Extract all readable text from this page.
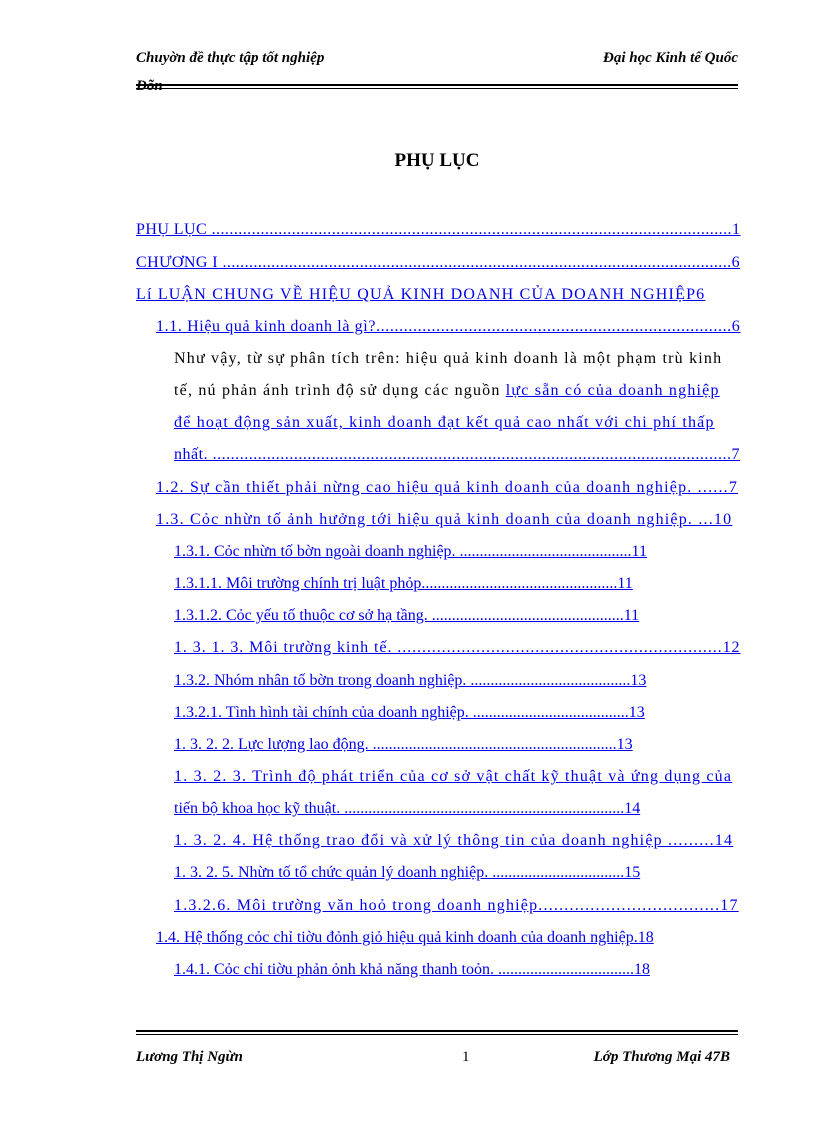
Chuyờn đề thực tập tốt nghiệp	Đại học Kinh tế Quốc
Dõn
PHỤ LỤC
PHỤ LỤC .....................................................................................................................1
CHƯƠNG I ...................................................................................................................6
Lí LUẬN CHUNG VỀ HIỆU QUẢ KINH DOANH CỦA DOANH NGHIỆP6
1.1. Hiệu quả kinh doanh là gì?.............................................................................6
Như vậy, từ sự phân tích trên: hiệu quả kinh doanh là một phạm trù kinh
tế, nú phản ánh trình độ sử dụng các nguồn lực sẵn có của doanh nghiệp
để hoạt động sản xuất, kinh doanh đạt kết quả cao nhất với chi phí thấp
nhất. ...................................................................................................................7
1.2. Sự cần thiết phải nừng cao hiệu quả kinh doanh của doanh nghiệp. ......7
1.3. Cỏc nhừn tố ảnh hưởng tới hiệu quả kinh doanh của doanh nghiệp. ...10
1.3.1. Cỏc nhừn tố bờn ngoài doanh nghiệp. ...........................................11
1.3.1.1. Môi trường chính trị luật phỏp.................................................11
1.3.1.2. Cỏc yếu tố thuộc cơ sở hạ tầng. ................................................11
1. 3. 1. 3. Môi trường kinh tế. ..................................................................12
1.3.2. Nhóm nhân tố bờn trong doanh nghiệp. ........................................13
1.3.2.1. Tình hình tài chính của doanh nghiệp. .......................................13
1. 3. 2. 2. Lực lượng lao động. .............................................................13
1. 3. 2. 3. Trình độ phát triển của cơ sở vật chất kỹ thuật và ứng dụng của
tiến bộ khoa học kỹ thuật. ......................................................................14
1. 3. 2. 4. Hệ thống trao đổi và xử lý thông tin của doanh nghiệp .........14
1. 3. 2. 5. Nhừn tố tổ chức quản lý doanh nghiệp. .................................15
1.3.2.6. Môi trường văn hoỏ trong doanh nghiệp...................................17
1.4. Hệ thống cỏc chỉ tiờu đỏnh giỏ hiệu quả kinh doanh của doanh nghiệp.18
1.4.1. Cỏc chỉ tiờu phản ỏnh khả năng thanh toỏn. ..................................18
Lương Thị Ngừn	1	Lớp Thương Mại 47B
